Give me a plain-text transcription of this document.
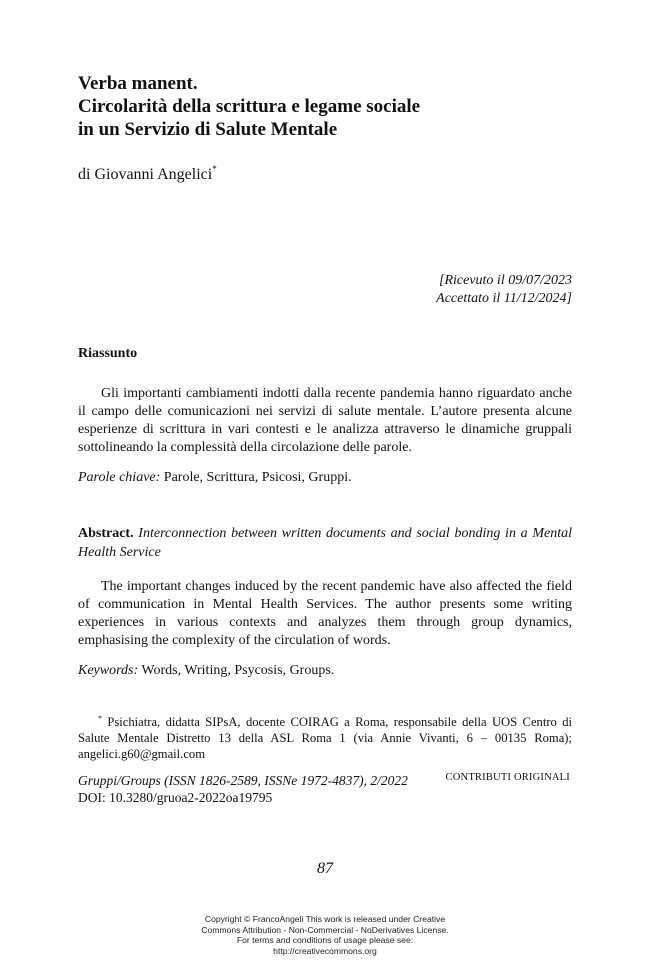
Verba manent.
Circolarità della scrittura e legame sociale
in un Servizio di Salute Mentale
di Giovanni Angelici*
[Ricevuto il 09/07/2023
Accettato il 11/12/2024]
Riassunto

Gli importanti cambiamenti indotti dalla recente pandemia hanno riguardato anche il campo delle comunicazioni nei servizi di salute mentale. L’autore presenta alcune esperienze di scrittura in vari contesti e le analizza attraverso le dinamiche gruppali sottolineando la complessità della circolazione delle parole.

Parole chiave: Parole, Scrittura, Psicosi, Gruppi.

Abstract. Interconnection between written documents and social bonding in a Mental Health Service

The important changes induced by the recent pandemic have also affected the field of communication in Mental Health Services. The author presents some writing experiences in various contexts and analyzes them through group dynamics, emphasising the complexity of the circulation of words.

Keywords: Words, Writing, Psycosis, Groups.

* Psichiatra, didatta SIPsA, docente COIRAG a Roma, responsabile della UOS Centro di Salute Mentale Distretto 13 della ASL Roma 1 (via Annie Vivanti, 6 – 00135 Roma); angelici.g60@gmail.com

Gruppi/Groups (ISSN 1826-2589, ISSNe 1972-4837), 2/2022
DOI: 10.3280/gruoa2-2022oa19795
CONTRIBUTI ORIGINALI
87
Copyright © FrancoAngeli This work is released under Creative
Commons Attribution - Non-Commercial - NoDerivatives License.
For terms and conditions of usage please see:
http://creativecommons.org
